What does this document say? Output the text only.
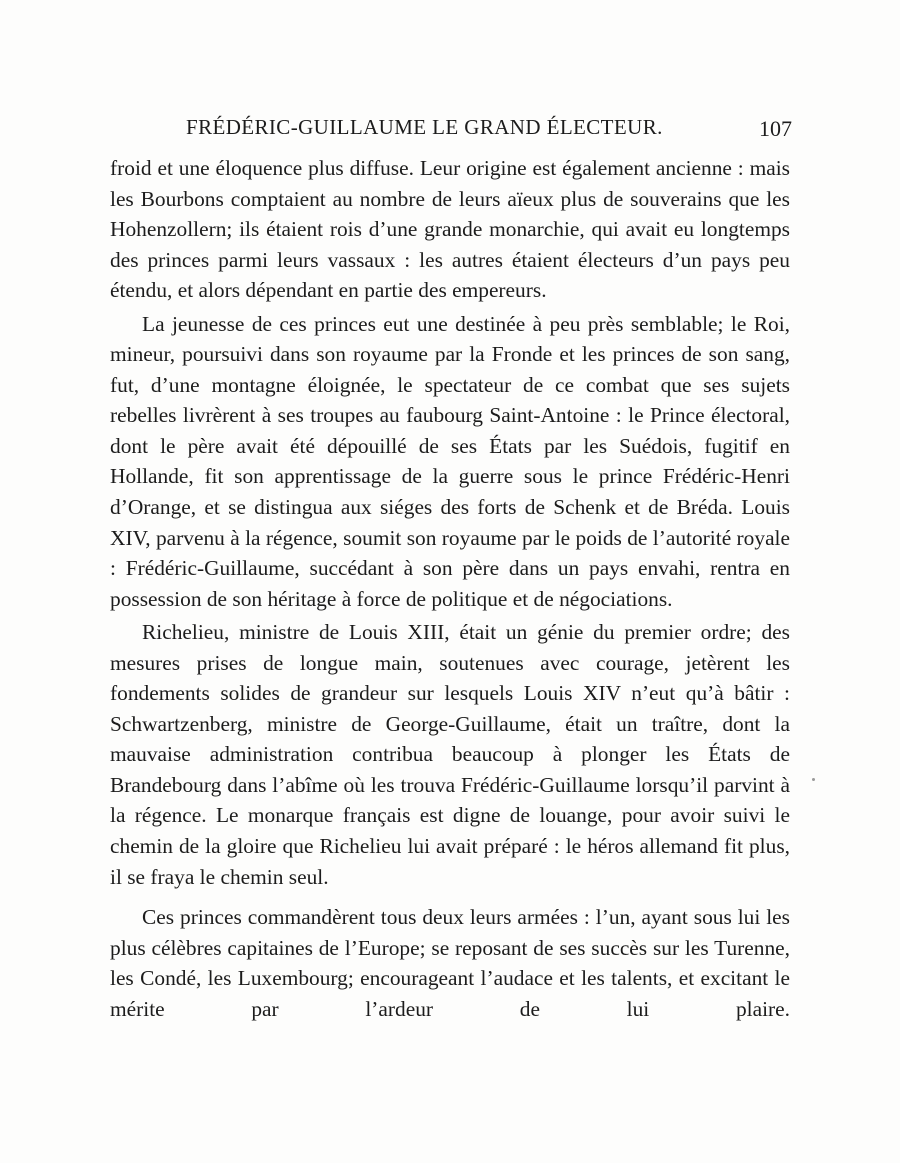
FRÉDÉRIC-GUILLAUME LE GRAND ÉLECTEUR.	107

froid et une éloquence plus diffuse. Leur origine est également ancienne : mais les Bourbons comptaient au nombre de leurs aïeux plus de souverains que les Hohenzollern; ils étaient rois d’une grande monarchie, qui avait eu longtemps des princes parmi leurs vassaux : les autres étaient électeurs d’un pays peu étendu, et alors dépendant en partie des empereurs.

La jeunesse de ces princes eut une destinée à peu près semblable; le Roi, mineur, poursuivi dans son royaume par la Fronde et les princes de son sang, fut, d’une montagne éloignée, le spectateur de ce combat que ses sujets rebelles livrèrent à ses troupes au faubourg Saint-Antoine : le Prince électoral, dont le père avait été dépouillé de ses États par les Suédois, fugitif en Hollande, fit son apprentissage de la guerre sous le prince Frédéric-Henri d’Orange, et se distingua aux siéges des forts de Schenk et de Bréda. Louis XIV, parvenu à la régence, soumit son royaume par le poids de l’autorité royale : Frédéric-Guillaume, succédant à son père dans un pays envahi, rentra en possession de son héritage à force de politique et de négociations.

Richelieu, ministre de Louis XIII, était un génie du premier ordre; des mesures prises de longue main, soutenues avec courage, jetèrent les fondements solides de grandeur sur lesquels Louis XIV n’eut qu’à bâtir : Schwartzenberg, ministre de George-Guillaume, était un traître, dont la mauvaise administration contribua beaucoup à plonger les États de Brandebourg dans l’abîme où les trouva Frédéric-Guillaume lorsqu’il parvint à la régence. Le monarque français est digne de louange, pour avoir suivi le chemin de la gloire que Richelieu lui avait préparé : le héros allemand fit plus, il se fraya le chemin seul.

Ces princes commandèrent tous deux leurs armées : l’un, ayant sous lui les plus célèbres capitaines de l’Europe; se reposant de ses succès sur les Turenne, les Condé, les Luxembourg; encourageant l’audace et les talents, et excitant le mérite par l’ardeur de lui plaire.
